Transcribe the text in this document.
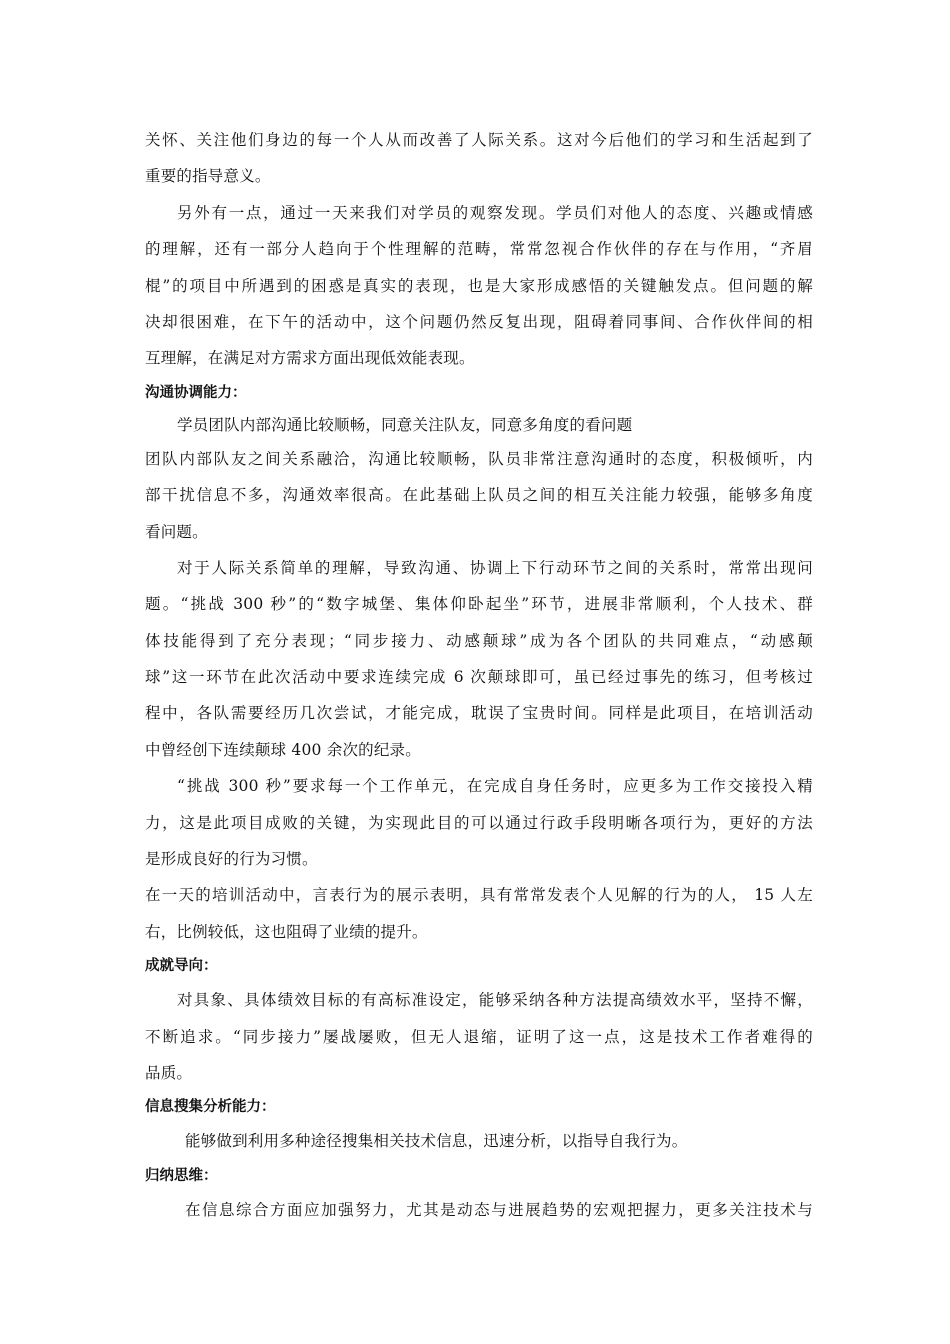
关怀、关注他们身边的每一个人从而改善了人际关系。这对今后他们的学习和生活起到了
重要的指导意义。
另外有一点，通过一天来我们对学员的观察发现。学员们对他人的态度、兴趣或情感
的理解，还有一部分人趋向于个性理解的范畴，常常忽视合作伙伴的存在与作用，“齐眉
棍”的项目中所遇到的困惑是真实的表现，也是大家形成感悟的关键触发点。但问题的解
决却很困难，在下午的活动中，这个问题仍然反复出现，阻碍着同事间、合作伙伴间的相
互理解，在满足对方需求方面出现低效能表现。
沟通协调能力：
学员团队内部沟通比较顺畅，同意关注队友，同意多角度的看问题
团队内部队友之间关系融洽，沟通比较顺畅，队员非常注意沟通时的态度，积极倾听，内
部干扰信息不多，沟通效率很高。在此基础上队员之间的相互关注能力较强，能够多角度
看问题。
对于人际关系简单的理解，导致沟通、协调上下行动环节之间的关系时，常常出现问
题。“挑战 300 秒”的“数字城堡、集体仰卧起坐”环节，进展非常顺利，个人技术、群
体技能得到了充分表现；“同步接力、动感颠球”成为各个团队的共同难点，“动感颠
球”这一环节在此次活动中要求连续完成 6 次颠球即可，虽已经过事先的练习，但考核过
程中，各队需要经历几次尝试，才能完成，耽误了宝贵时间。同样是此项目，在培训活动
中曾经创下连续颠球 400 余次的纪录。
“挑战 300 秒”要求每一个工作单元，在完成自身任务时，应更多为工作交接投入精
力，这是此项目成败的关键，为实现此目的可以通过行政手段明晰各项行为，更好的方法
是形成良好的行为习惯。
在一天的培训活动中，言表行为的展示表明，具有常常发表个人见解的行为的人， 15 人左
右，比例较低，这也阻碍了业绩的提升。
成就导向：
对具象、具体绩效目标的有高标准设定，能够采纳各种方法提高绩效水平，坚持不懈，
不断追求。“同步接力”屡战屡败，但无人退缩，证明了这一点，这是技术工作者难得的
品质。
信息搜集分析能力：
能够做到利用多种途径搜集相关技术信息，迅速分析，以指导自我行为。
归纳思维：
在信息综合方面应加强努力，尤其是动态与进展趋势的宏观把握力，更多关注技术与
